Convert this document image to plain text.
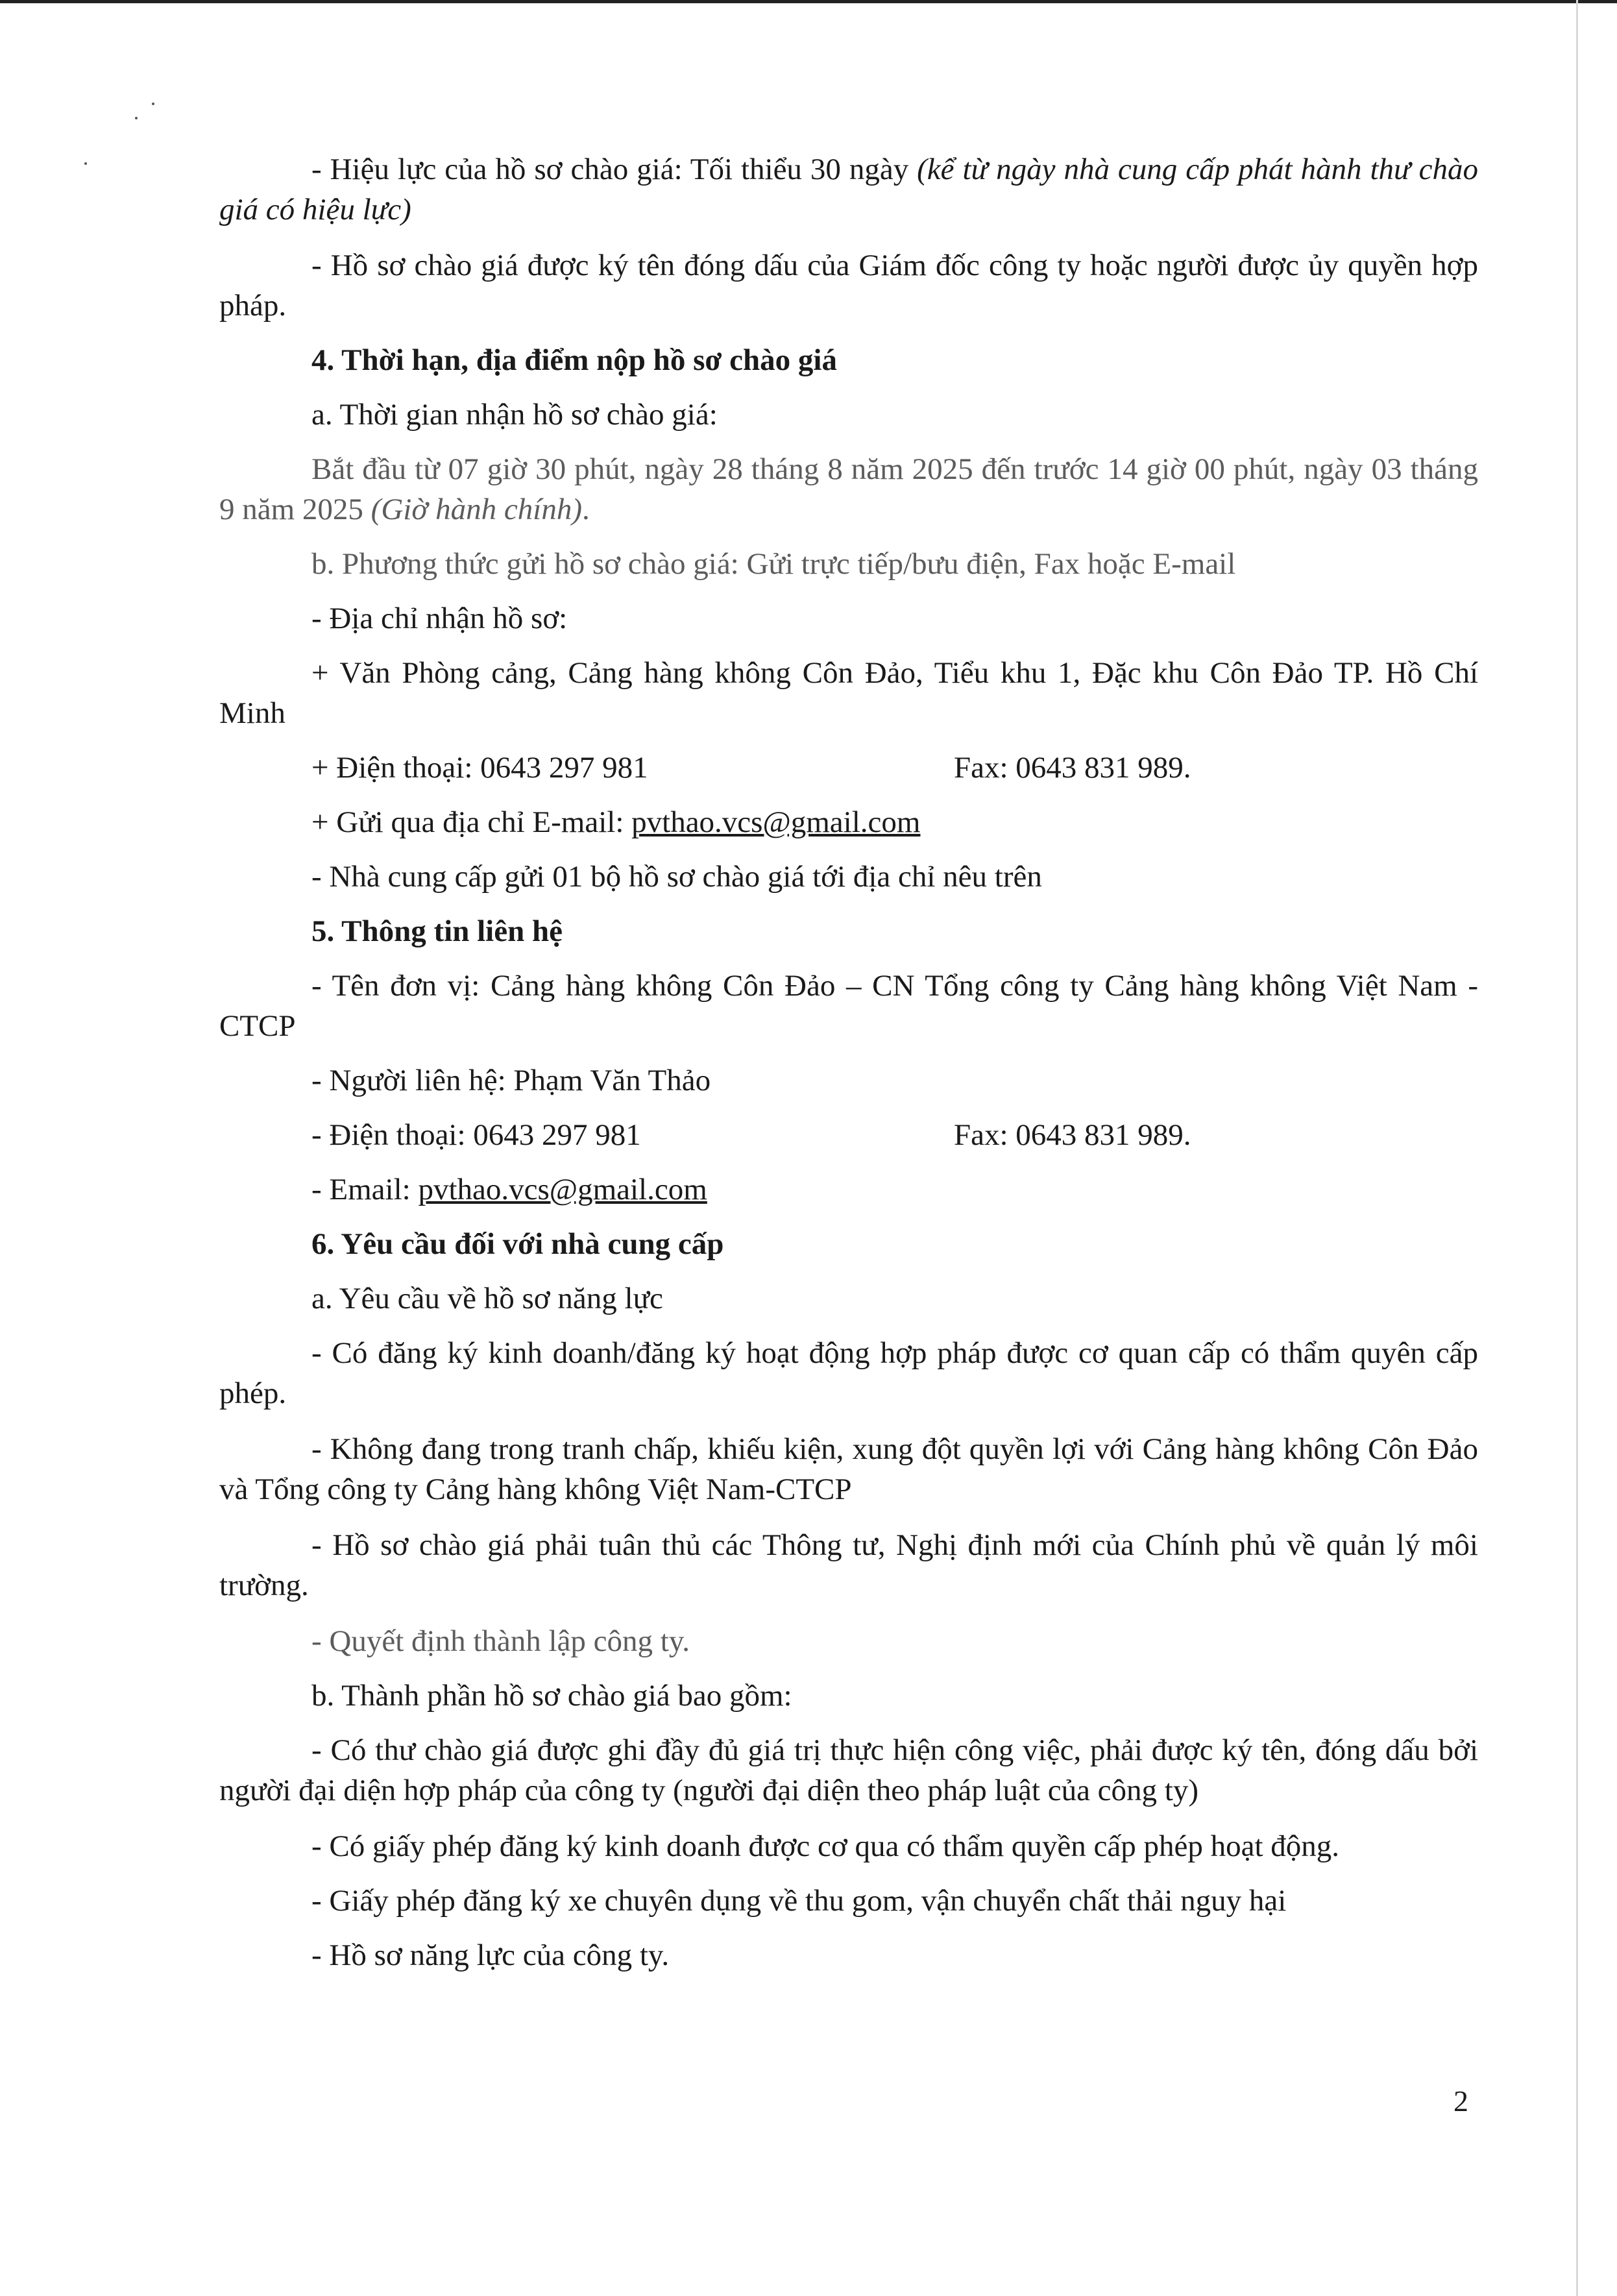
- Hiệu lực của hồ sơ chào giá: Tối thiểu 30 ngày (kể từ ngày nhà cung cấp phát hành thư chào giá có hiệu lực)

- Hồ sơ chào giá được ký tên đóng dấu của Giám đốc công ty hoặc người được ủy quyền hợp pháp.

4. Thời hạn, địa điểm nộp hồ sơ chào giá

a. Thời gian nhận hồ sơ chào giá:

Bắt đầu từ 07 giờ 30 phút, ngày 28 tháng 8 năm 2025 đến trước 14 giờ 00 phút, ngày 03 tháng 9 năm 2025 (Giờ hành chính).

b. Phương thức gửi hồ sơ chào giá: Gửi trực tiếp/bưu điện, Fax hoặc E-mail

- Địa chỉ nhận hồ sơ:

+ Văn Phòng cảng, Cảng hàng không Côn Đảo, Tiểu khu 1, Đặc khu Côn Đảo TP. Hồ Chí Minh

+ Điện thoại: 0643 297 981	Fax: 0643 831 989.

+ Gửi qua địa chỉ E-mail: pvthao.vcs@gmail.com

- Nhà cung cấp gửi 01 bộ hồ sơ chào giá tới địa chỉ nêu trên

5. Thông tin liên hệ

- Tên đơn vị: Cảng hàng không Côn Đảo – CN Tổng công ty Cảng hàng không Việt Nam - CTCP

- Người liên hệ: Phạm Văn Thảo

- Điện thoại: 0643 297 981	Fax: 0643 831 989.

- Email: pvthao.vcs@gmail.com

6. Yêu cầu đối với nhà cung cấp

a. Yêu cầu về hồ sơ năng lực

- Có đăng ký kinh doanh/đăng ký hoạt động hợp pháp được cơ quan cấp có thẩm quyên cấp phép.

- Không đang trong tranh chấp, khiếu kiện, xung đột quyền lợi với Cảng hàng không Côn Đảo và Tổng công ty Cảng hàng không Việt Nam-CTCP

- Hồ sơ chào giá phải tuân thủ các Thông tư, Nghị định mới của Chính phủ về quản lý môi trường.

- Quyết định thành lập công ty.

b. Thành phần hồ sơ chào giá bao gồm:

- Có thư chào giá được ghi đầy đủ giá trị thực hiện công việc, phải được ký tên, đóng dấu bởi người đại diện hợp pháp của công ty (người đại diện theo pháp luật của công ty)

- Có giấy phép đăng ký kinh doanh được cơ qua có thẩm quyền cấp phép hoạt động.

- Giấy phép đăng ký xe chuyên dụng về thu gom, vận chuyển chất thải nguy hại

- Hồ sơ năng lực của công ty.

2
